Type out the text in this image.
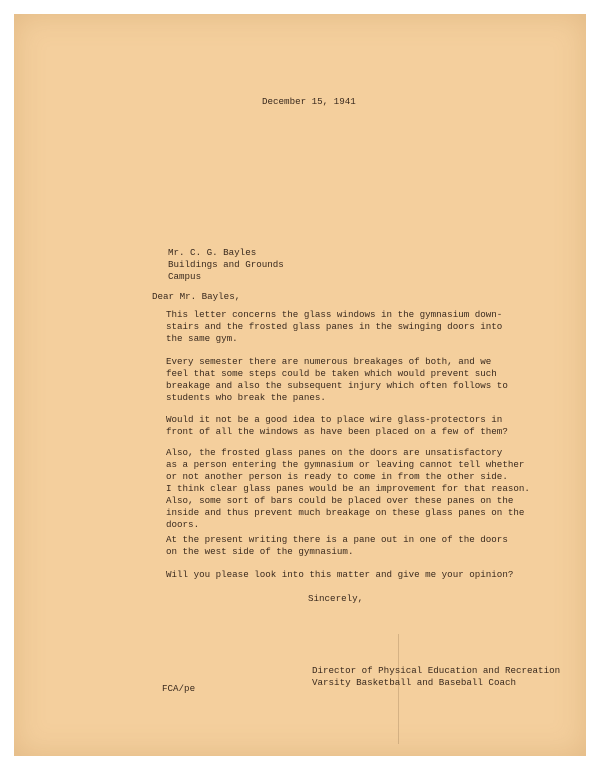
December 15, 1941

Mr. C. G. Bayles
Buildings and Grounds
Campus

Dear Mr. Bayles,

This letter concerns the glass windows in the gymnasium down-
stairs and the frosted glass panes in the swinging doors into
the same gym.

Every semester there are numerous breakages of both, and we
feel that some steps could be taken which would prevent such
breakage and also the subsequent injury which often follows to
students who break the panes.

Would it not be a good idea to place wire glass-protectors in
front of all the windows as have been placed on a few of them?

Also, the frosted glass panes on the doors are unsatisfactory
as a person entering the gymnasium or leaving cannot tell whether
or not another person is ready to come in from the other side.
I think clear glass panes would be an improvement for that reason.
Also, some sort of bars could be placed over these panes on the
inside and thus prevent much breakage on these glass panes on the
doors.

At the present writing there is a pane out in one of the doors
on the west side of the gymnasium.

Will you please look into this matter and give me your opinion?

Sincerely,

Director of Physical Education and Recreation
Varsity Basketball and Baseball Coach

FCA/pe
